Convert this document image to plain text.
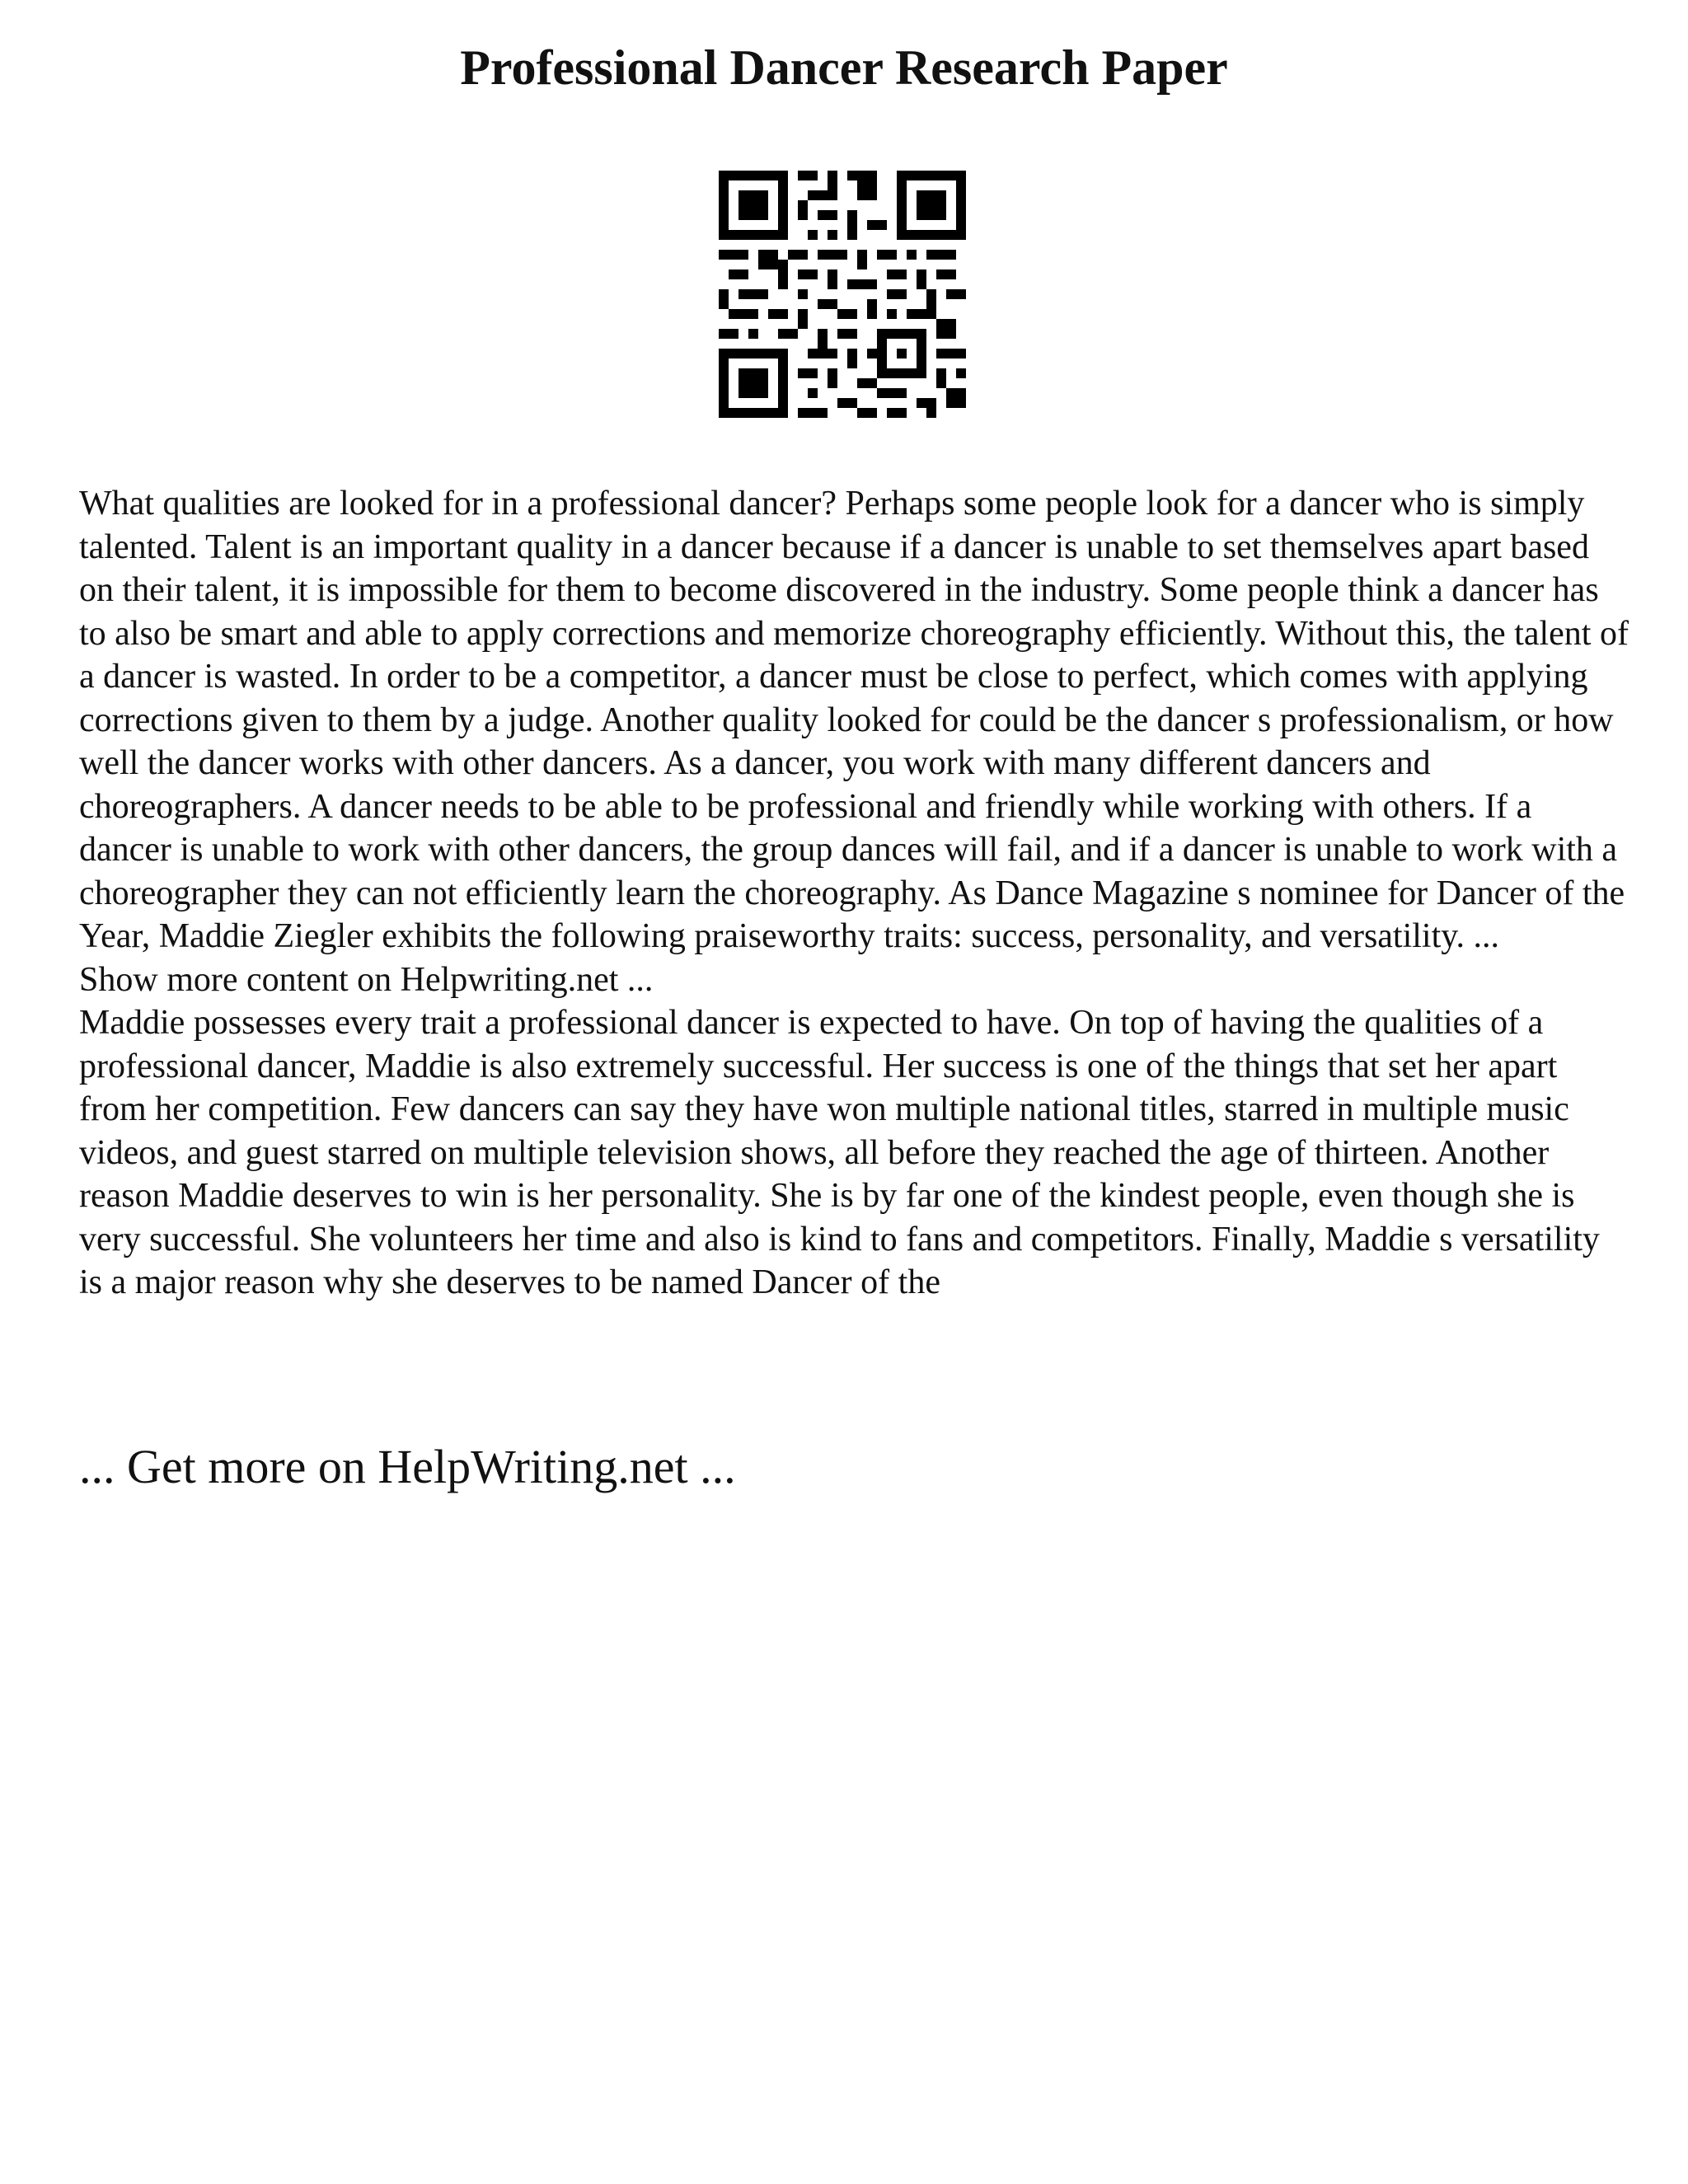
Professional Dancer Research Paper

What qualities are looked for in a professional dancer? Perhaps some people look for a dancer who is simply talented. Talent is an important quality in a dancer because if a dancer is unable to set themselves apart based on their talent, it is impossible for them to become discovered in the industry. Some people think a dancer has to also be smart and able to apply corrections and memorize choreography efficiently. Without this, the talent of a dancer is wasted. In order to be a competitor, a dancer must be close to perfect, which comes with applying corrections given to them by a judge. Another quality looked for could be the dancer s professionalism, or how well the dancer works with other dancers. As a dancer, you work with many different dancers and choreographers. A dancer needs to be able to be professional and friendly while working with others. If a dancer is unable to work with other dancers, the group dances will fail, and if a dancer is unable to work with a choreographer they can not efficiently learn the choreography. As Dance Magazine s nominee for Dancer of the Year, Maddie Ziegler exhibits the following praiseworthy traits: success, personality, and versatility. ...

Show more content on Helpwriting.net ...

Maddie possesses every trait a professional dancer is expected to have. On top of having the qualities of a professional dancer, Maddie is also extremely successful. Her success is one of the things that set her apart from her competition. Few dancers can say they have won multiple national titles, starred in multiple music videos, and guest starred on multiple television shows, all before they reached the age of thirteen. Another reason Maddie deserves to win is her personality. She is by far one of the kindest people, even though she is very successful. She volunteers her time and also is kind to fans and competitors. Finally, Maddie s versatility is a major reason why she deserves to be named Dancer of the

... Get more on HelpWriting.net ...
